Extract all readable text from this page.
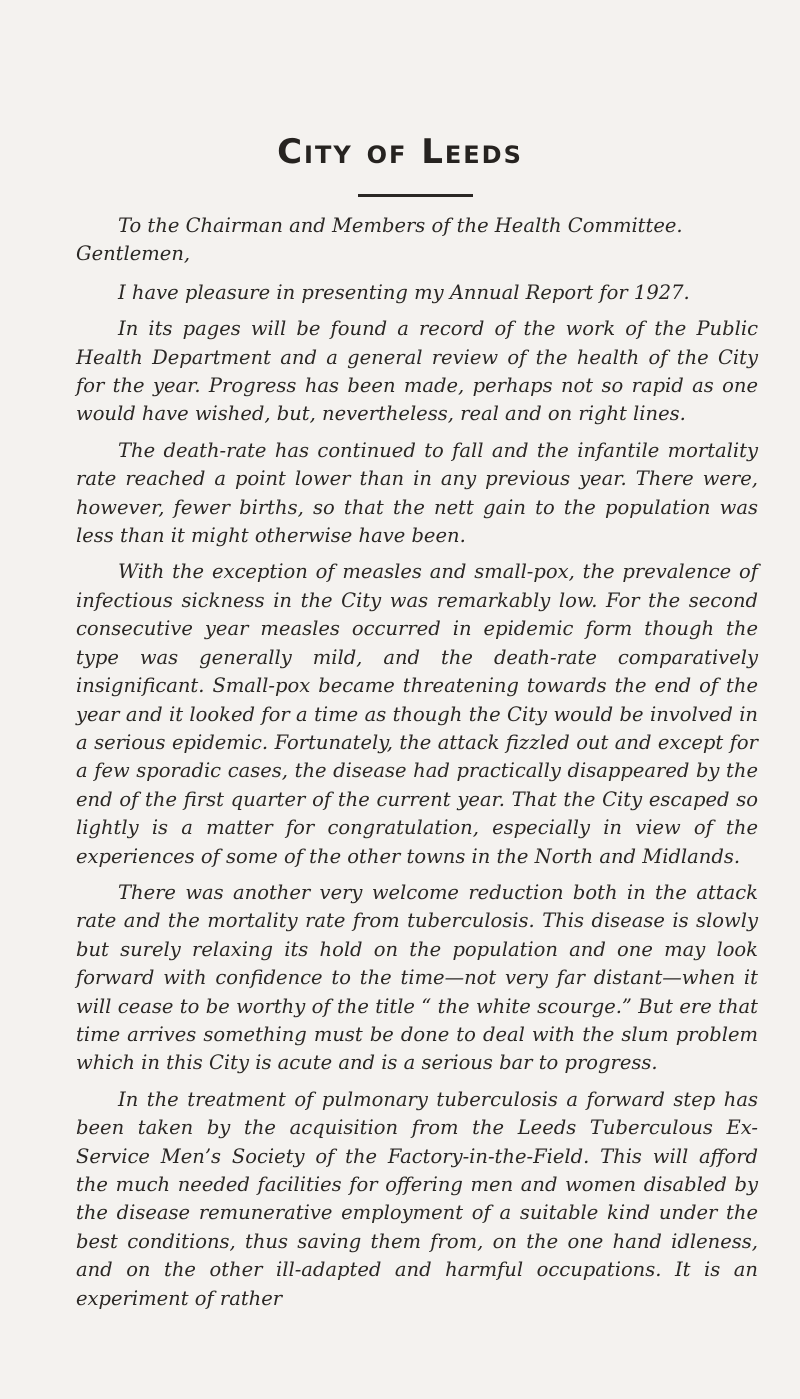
City of Leeds

To the Chairman and Members of the Health Committee.

Gentlemen,

I have pleasure in presenting my Annual Report for 1927.

In its pages will be found a record of the work of the Public Health Department and a general review of the health of the City for the year. Progress has been made, perhaps not so rapid as one would have wished, but, nevertheless, real and on right lines.

The death-rate has continued to fall and the infantile mortality rate reached a point lower than in any previous year. There were, however, fewer births, so that the nett gain to the population was less than it might otherwise have been.

With the exception of measles and small-pox, the prevalence of infectious sickness in the City was remarkably low. For the second consecutive year measles occurred in epidemic form though the type was generally mild, and the death-rate comparatively insignificant. Small-pox became threatening towards the end of the year and it looked for a time as though the City would be involved in a serious epidemic. Fortunately, the attack fizzled out and except for a few sporadic cases, the disease had practically disappeared by the end of the first quarter of the current year. That the City escaped so lightly is a matter for congratulation, especially in view of the experiences of some of the other towns in the North and Midlands.

There was another very welcome reduction both in the attack rate and the mortality rate from tuberculosis. This disease is slowly but surely relaxing its hold on the population and one may look forward with confidence to the time—not very far distant—when it will cease to be worthy of the title “ the white scourge.” But ere that time arrives something must be done to deal with the slum problem which in this City is acute and is a serious bar to progress.

In the treatment of pulmonary tuberculosis a forward step has been taken by the acquisition from the Leeds Tuberculous Ex-Service Men’s Society of the Factory-in-the-Field. This will afford the much needed facilities for offering men and women disabled by the disease remunerative employment of a suitable kind under the best conditions, thus saving them from, on the one hand idleness, and on the other ill-adapted and harmful occupations. It is an experiment of rather
